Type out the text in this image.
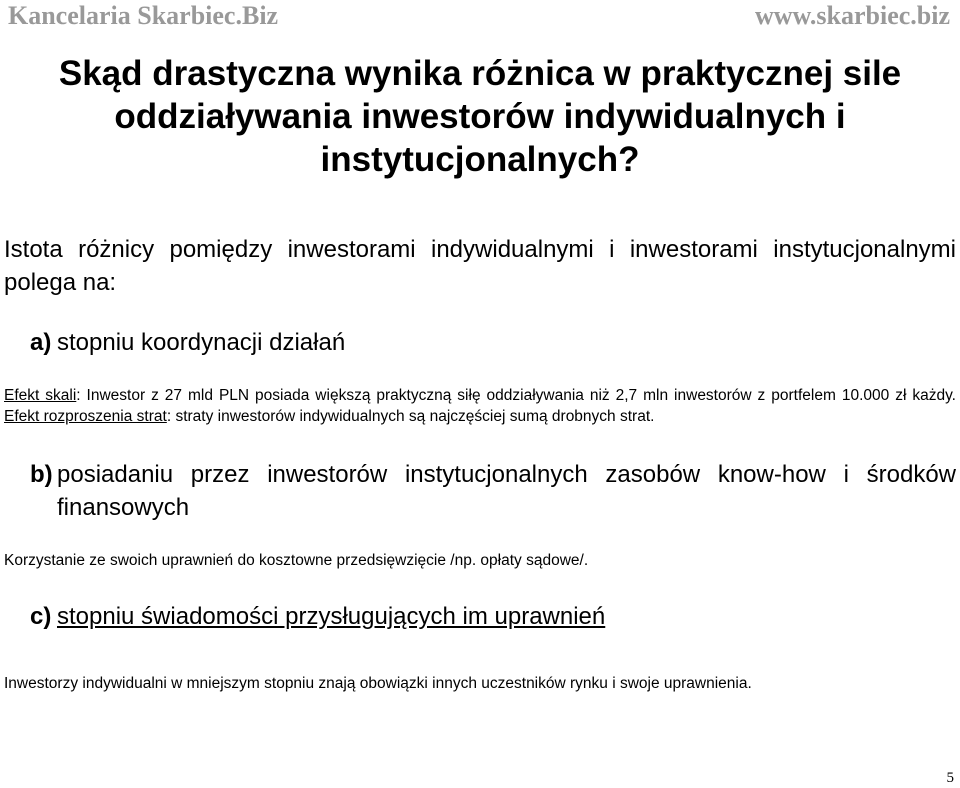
Kancelaria Skarbiec.Biz	www.skarbiec.biz
Skąd drastyczna wynika różnica w praktycznej sile oddziaływania inwestorów indywidualnych i instytucjonalnych?
Istota różnicy pomiędzy inwestorami indywidualnymi i inwestorami instytucjonalnymi polega na:
a) stopniu koordynacji działań
Efekt skali: Inwestor z 27 mld PLN posiada większą praktyczną siłę oddziaływania niż 2,7 mln inwestorów z portfelem 10.000 zł każdy. Efekt rozproszenia strat: straty inwestorów indywidualnych są najczęściej sumą drobnych strat.
b) posiadaniu przez inwestorów instytucjonalnych zasobów know-how i środków finansowych
Korzystanie ze swoich uprawnień do kosztowne przedsięwzięcie /np. opłaty sądowe/.
c) stopniu świadomości przysługujących im uprawnień
Inwestorzy indywidualni w mniejszym stopniu znają obowiązki innych uczestników rynku i swoje uprawnienia.
5
